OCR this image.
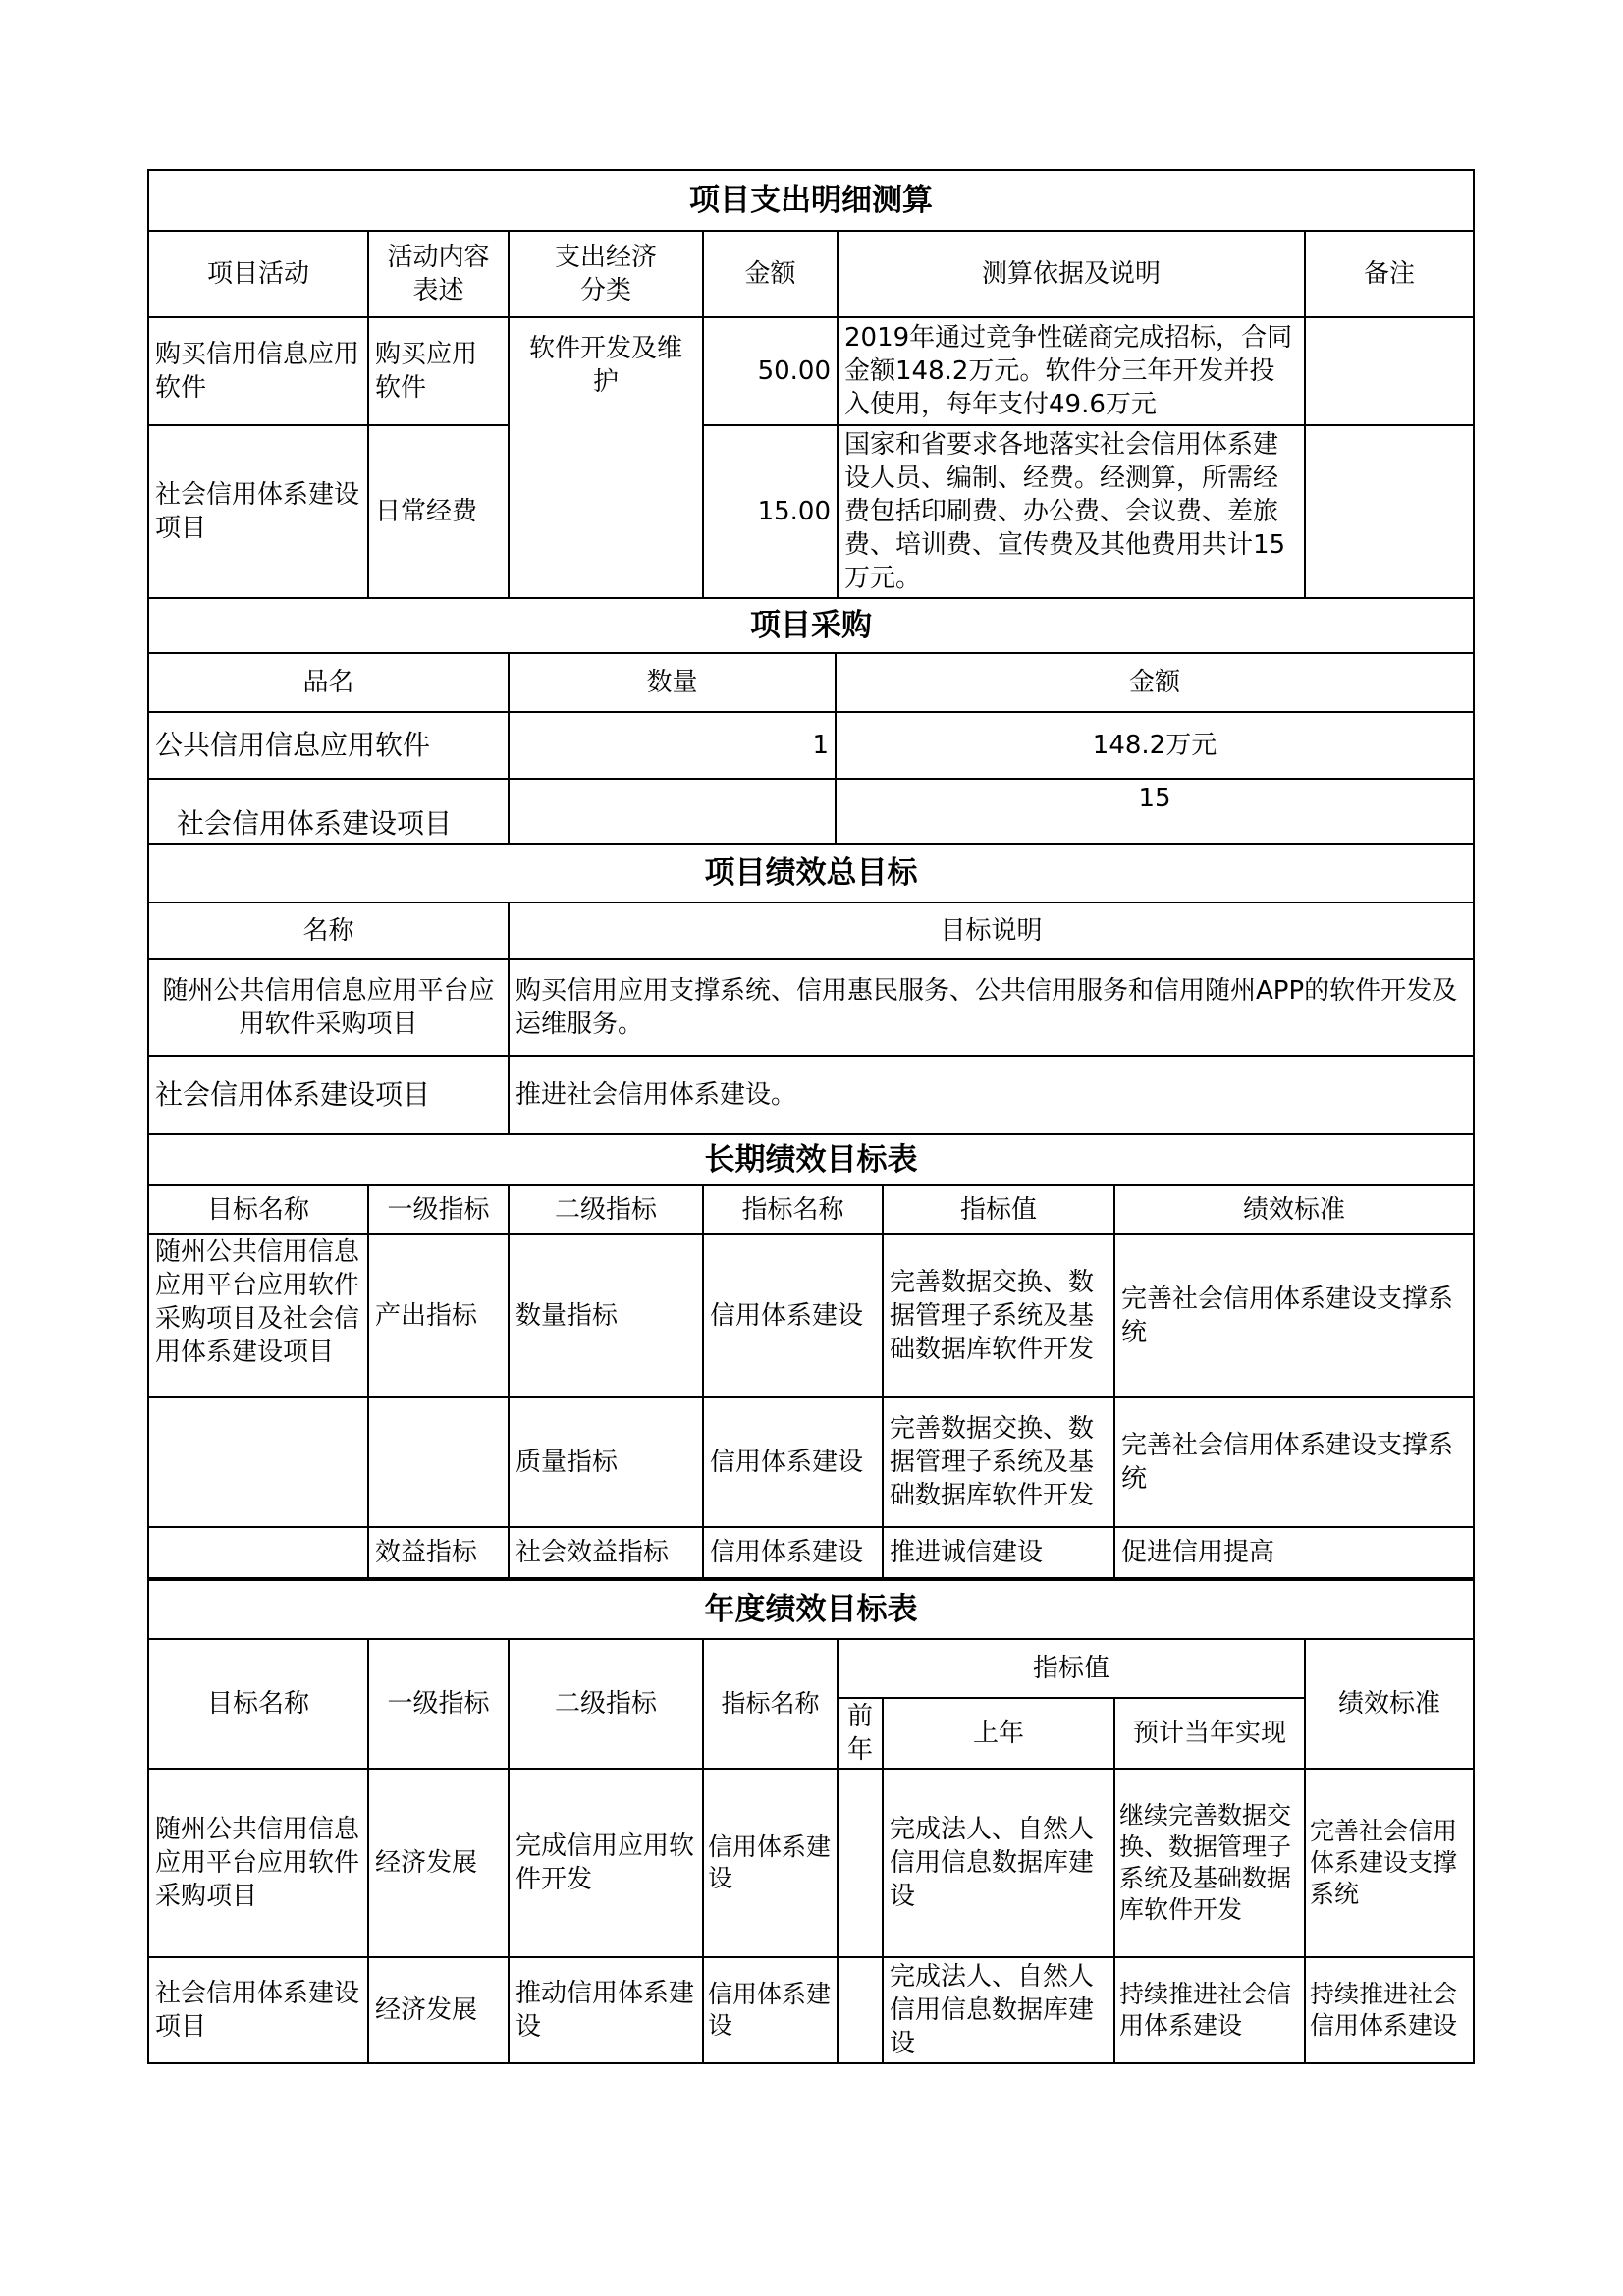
项目支出明细测算					
项目活动	活动内容表述	支出经济分类	金额	测算依据及说明	备注
购买信用信息应用软件	购买应用软件	软件开发及维护	50.00	2019年通过竞争性磋商完成招标，合同金额148.2万元。软件分三年开发并投入使用，每年支付49.6万元	
社会信用体系建设项目	日常经费		15.00	国家和省要求各地落实社会信用体系建设人员、编制、经费。经测算，所需经费包括印刷费、办公费、会议费、差旅费、培训费、宣传费及其他费用共计15万元。	
项目采购		
品名	数量	金额
公共信用信息应用软件	1	148.2万元
社会信用体系建设项目		15
项目绩效总目标	
名称	目标说明
随州公共信用信息应用平台应用软件采购项目	购买信用应用支撑系统、信用惠民服务、公共信用服务和信用随州APP的软件开发及运维服务。
社会信用体系建设项目	推进社会信用体系建设。
长期绩效目标表					
目标名称	一级指标	二级指标	指标名称	指标值	绩效标准

随州公共信用信息应用平台应用软件采购项目及社会信用体系建设项目	产出指标	数量指标	信用体系建设	完善数据交换、数据管理子系统及基础数据库软件开发	完善社会信用体系建设支撑系统
		质量指标	信用体系建设	完善数据交换、数据管理子系统及基础数据库软件开发	完善社会信用体系建设支撑系统
	效益指标	社会效益指标	信用体系建设	推进诚信建设	促进信用提高
年度绩效目标表							
目标名称	一级指标	二级指标	指标名称	指标值			绩效标准
				前年	上年	预计当年实现	
随州公共信用信息应用平台应用软件采购项目	经济发展	完成信用应用软件开发	信用体系建设		完成法人、自然人信用信息数据库建设	继续完善数据交换、数据管理子系统及基础数据库软件开发	完善社会信用体系建设支撑系统
社会信用体系建设项目	经济发展	推动信用体系建设	信用体系建设		完成法人、自然人信用信息数据库建设	持续推进社会信用体系建设	持续推进社会信用体系建设
